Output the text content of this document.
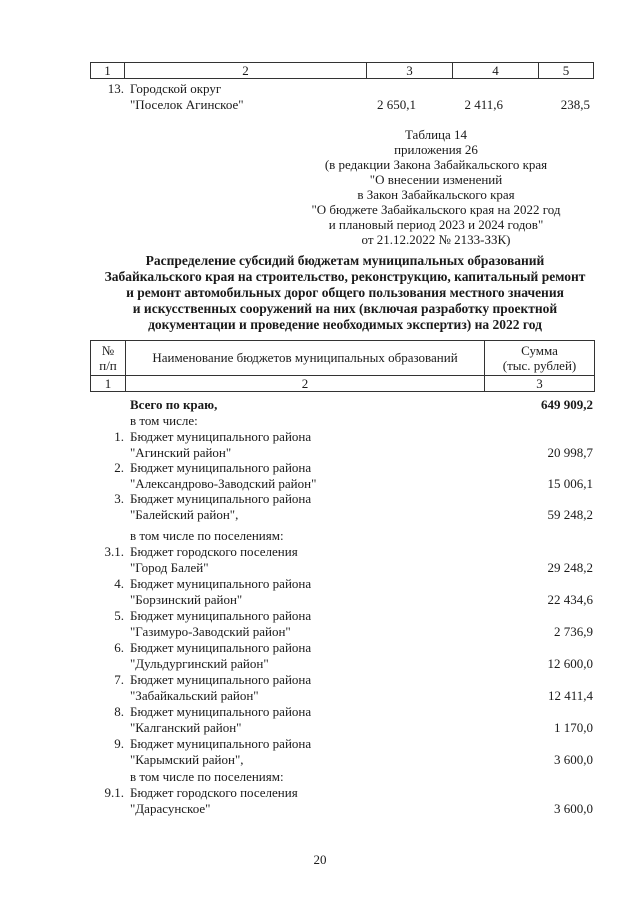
1	2	3	4	5
13. Городской округ
"Поселок Агинское"	2 650,1	2 411,6	238,5
Таблица 14
приложения 26
(в редакции Закона Забайкальского края
"О внесении изменений
в Закон Забайкальского края
"О бюджете Забайкальского края на 2022 год
и плановый период 2023 и 2024 годов"
от 21.12.2022 № 2133-ЗЗК)
Распределение субсидий бюджетам муниципальных образований
Забайкальского края на строительство, реконструкцию, капитальный ремонт
и ремонт автомобильных дорог общего пользования местного значения
и искусственных сооружений на них (включая разработку проектной
документации и проведение необходимых экспертиз) на 2022 год
№
п/п
Наименование бюджетов муниципальных образований	Сумма
(тыс. рублей)
1	2	3
Всего по краю,	649 909,2
в том числе:
1. Бюджет муниципального района
"Агинский район"	20 998,7
2. Бюджет муниципального района
"Александрово-Заводский район"	15 006,1
3. Бюджет муниципального района
"Балейский район",	59 248,2
в том числе по поселениям:
3.1. Бюджет городского поселения
"Город Балей"	29 248,2
4. Бюджет муниципального района
"Борзинский район"	22 434,6
5. Бюджет муниципального района
"Газимуро-Заводский район"	2 736,9
6. Бюджет муниципального района
"Дульдургинский район"	12 600,0
7. Бюджет муниципального района
"Забайкальский район"	12 411,4
8. Бюджет муниципального района
"Калганский район"	1 170,0
9. Бюджет муниципального района
"Карымский район",	3 600,0
в том числе по поселениям:
9.1. Бюджет городского поселения
"Дарасунское"	3 600,0
20
